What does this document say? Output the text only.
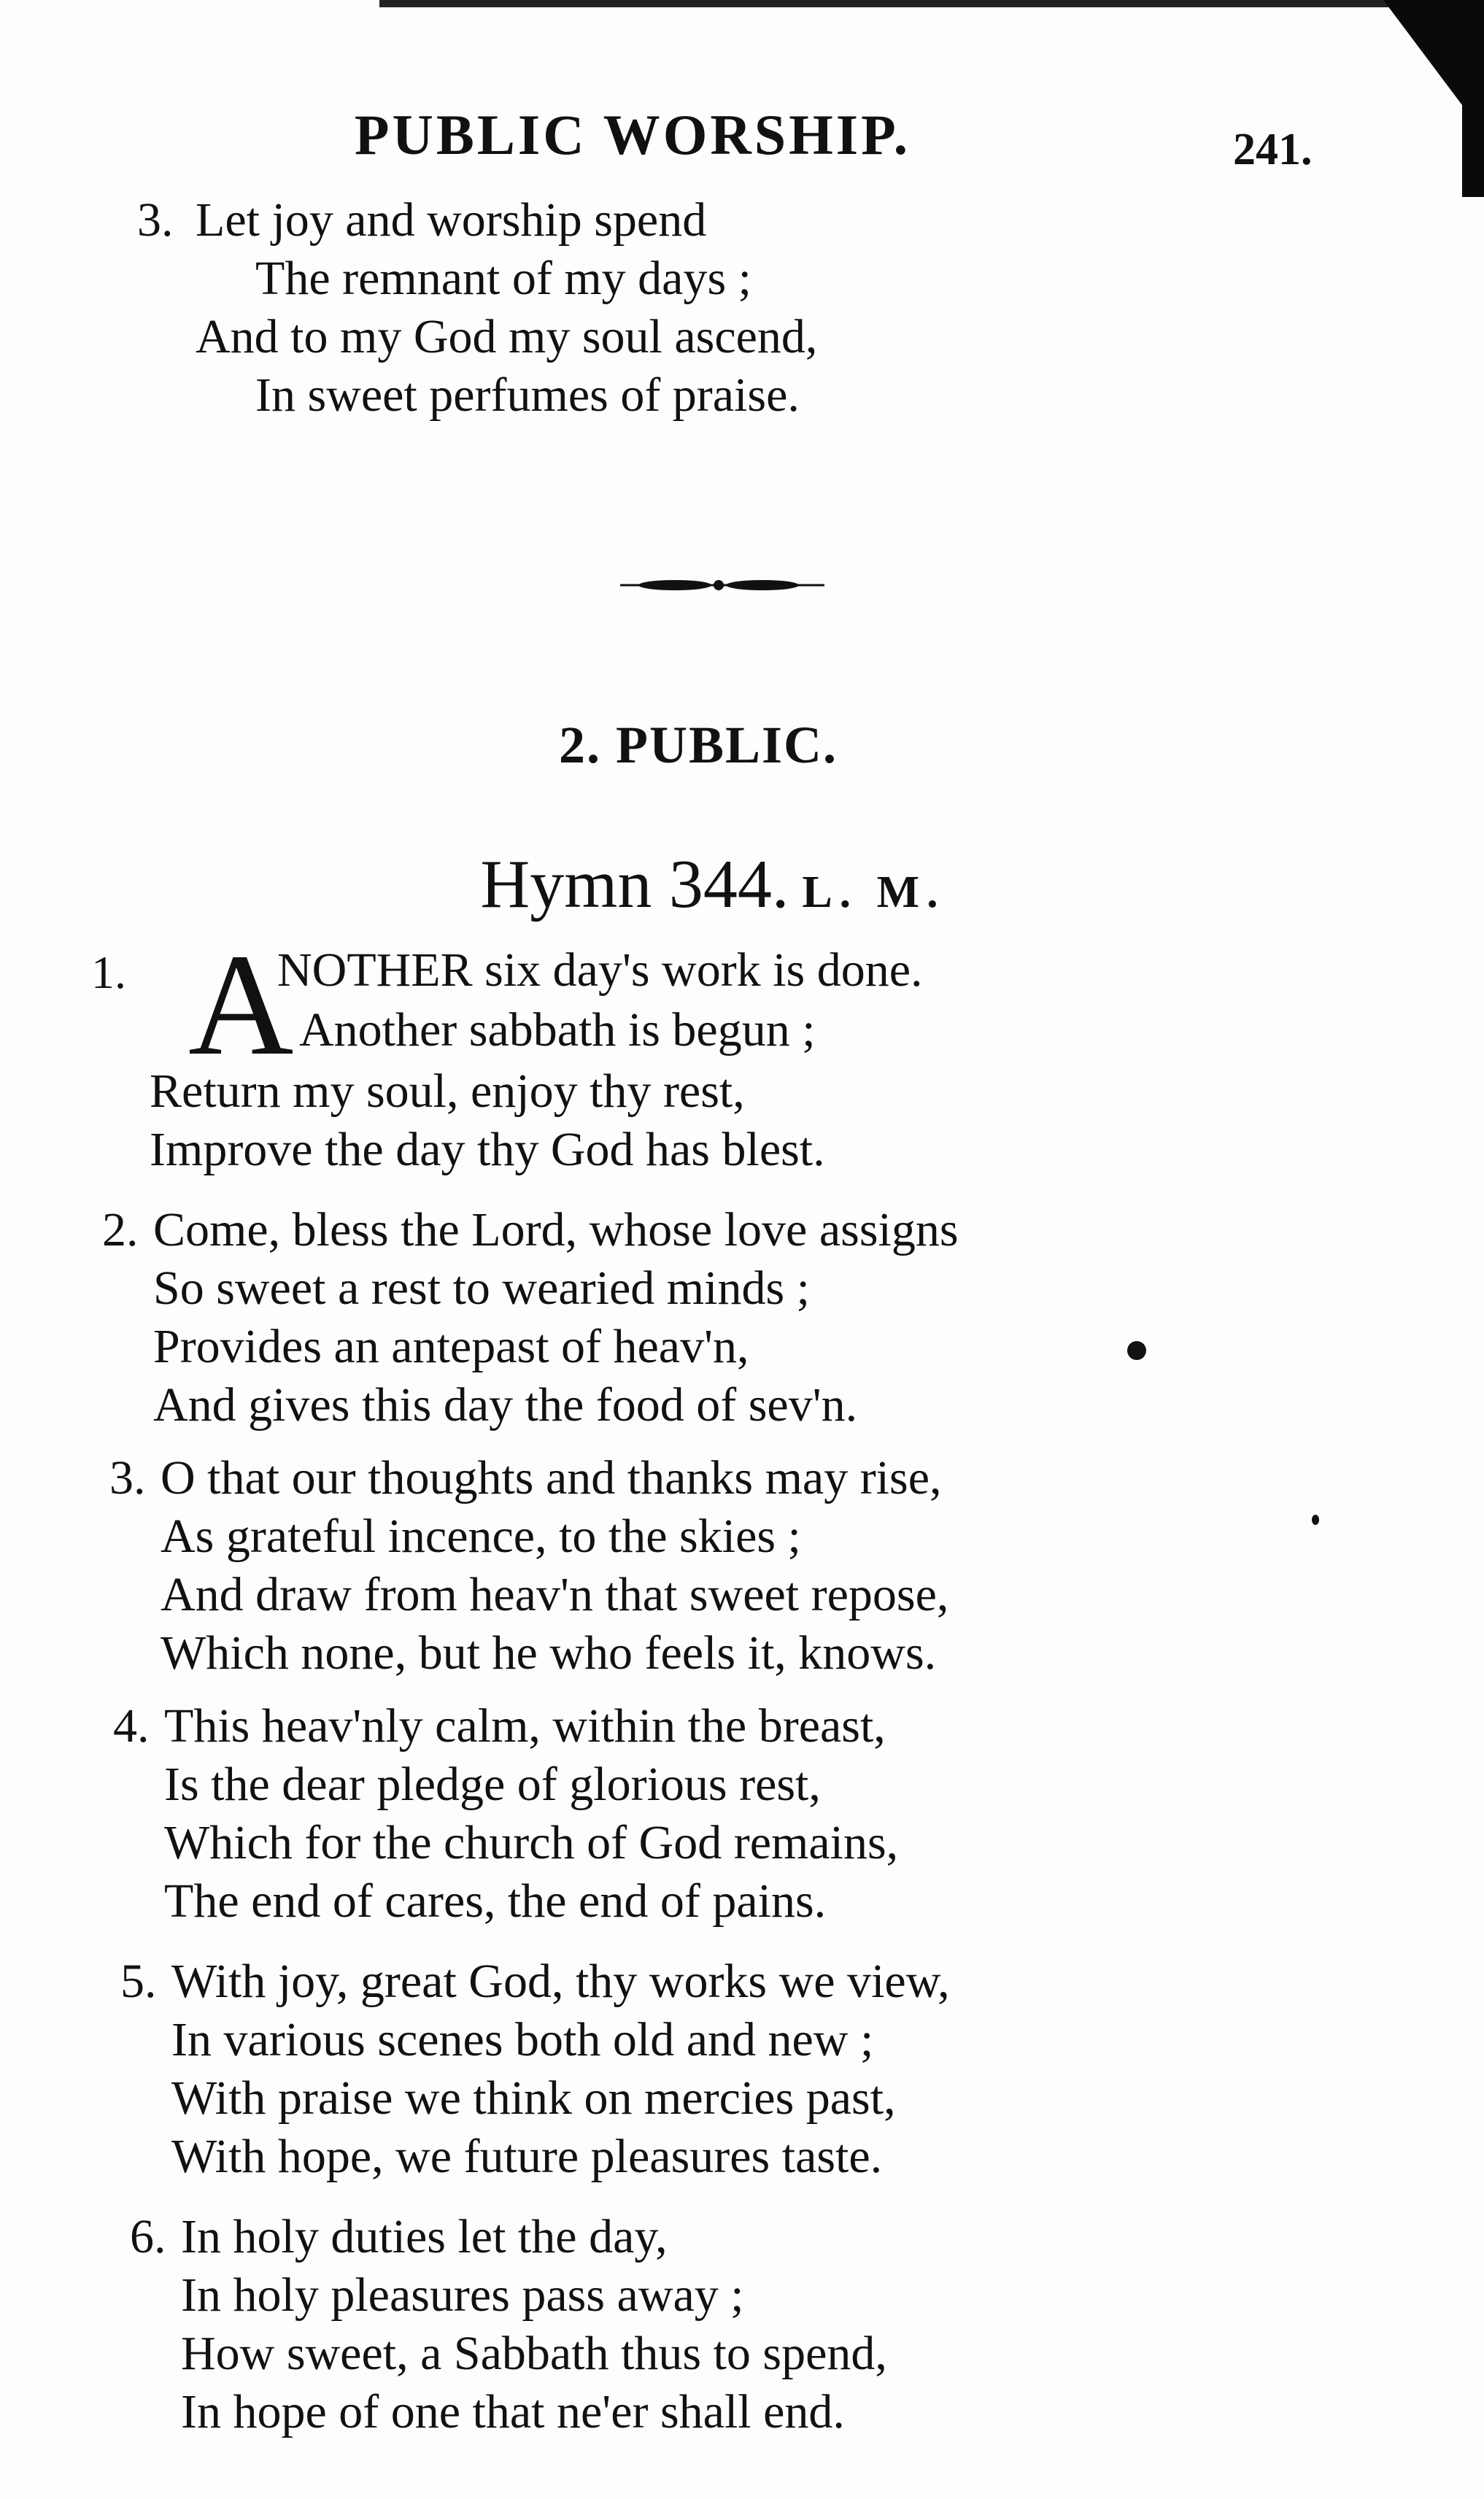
PUBLIC WORSHIP.	241.
3. Let joy and worship spend
The remnant of my days ;
And to my God my soul ascend,
In sweet perfumes of praise.
2. PUBLIC.
Hymn 344. L. M.
1. A
NOTHER six day's work is done.
Another sabbath is begun ;
Return my soul, enjoy thy rest,
Improve the day thy God has blest.
2. Come, bless the Lord, whose love assigns
So sweet a rest to wearied minds ;
Provides an antepast of heav'n,
And gives this day the food of sev'n.
3. O that our thoughts and thanks may rise,
As grateful incence, to the skies ;
And draw from heav'n that sweet repose,
Which none, but he who feels it, knows.
4. This heav'nly calm, within the breast,
Is the dear pledge of glorious rest,
Which for the church of God remains,
The end of cares, the end of pains.
5. With joy, great God, thy works we view,
In various scenes both old and new ;
With praise we think on mercies past,
With hope, we future pleasures taste.
6. In holy duties let the day,
In holy pleasures pass away ;
How sweet, a Sabbath thus to spend,
In hope of one that ne'er shall end.
